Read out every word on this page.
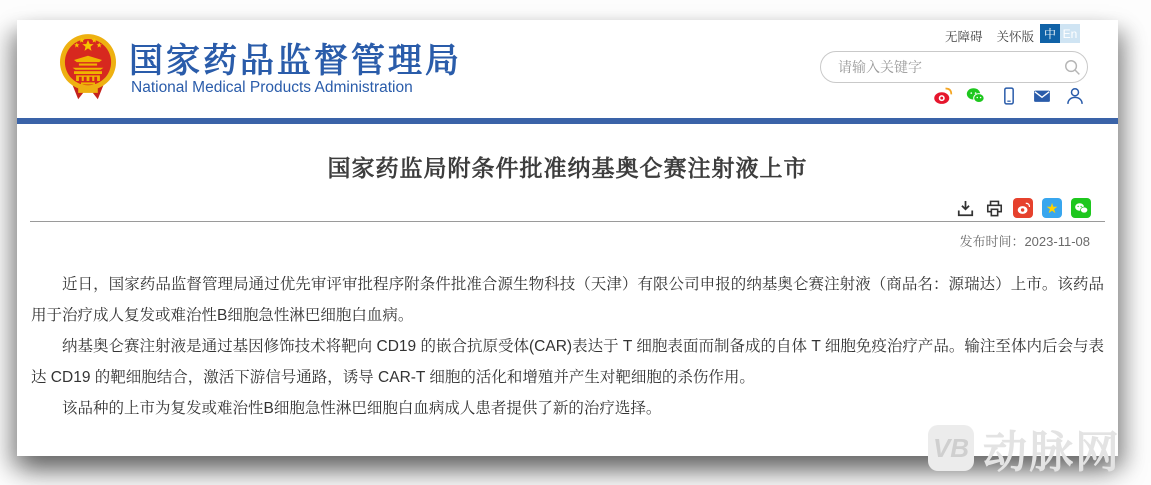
无障碍 关怀版 中 En
国家药品监督管理局
National Medical Products Administration
请输入关键字
国家药监局附条件批准纳基奥仑赛注射液上市
★
发布时间：2023-11-08

近日，国家药品监督管理局通过优先审评审批程序附条件批准合源生物科技（天津）有限公司申报的纳基奥仑赛注射液（商品名：源瑞达）上市。该药品用于治疗成人复发或难治性B细胞急性淋巴细胞白血病。

纳基奥仑赛注射液是通过基因修饰技术将靶向 CD19 的嵌合抗原受体(CAR)表达于 T 细胞表面而制备成的自体 T 细胞免疫治疗产品。输注至体内后会与表达 CD19 的靶细胞结合，激活下游信号通路，诱导 CAR-T 细胞的活化和增殖并产生对靶细胞的杀伤作用。

该品种的上市为复发或难治性B细胞急性淋巴细胞白血病成人患者提供了新的治疗选择。

VB 动脉网
